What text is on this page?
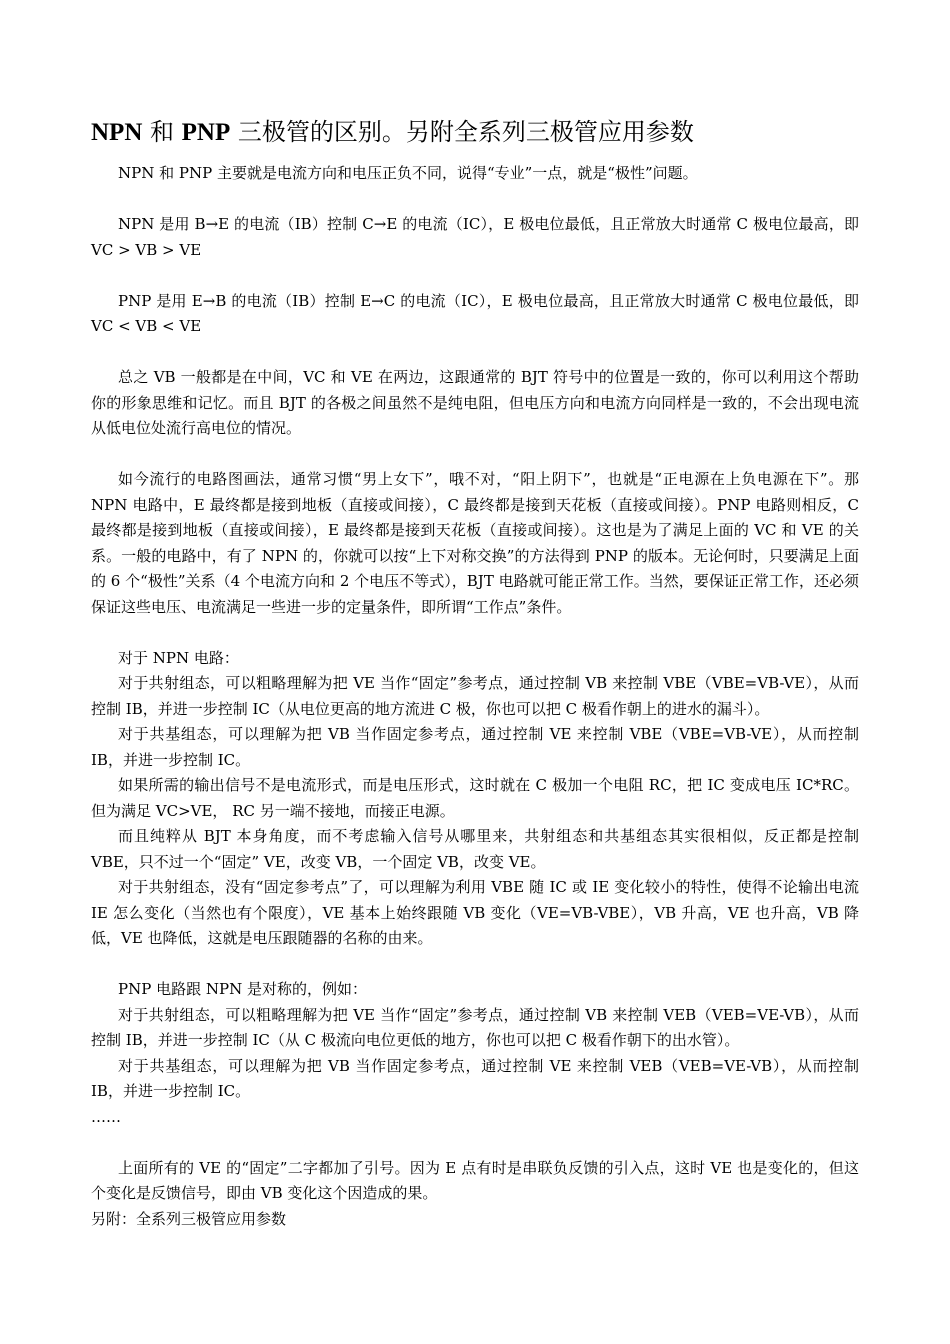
NPN 和 PNP 三极管的区别。另附全系列三极管应用参数

NPN 和 PNP 主要就是电流方向和电压正负不同，说得“专业”一点，就是“极性”问题。

NPN 是用 B→E 的电流（IB）控制 C→E 的电流（IC），E 极电位最低，且正常放大时通常 C 极电位最高，即 VC > VB > VE

PNP 是用 E→B 的电流（IB）控制 E→C 的电流（IC），E 极电位最高，且正常放大时通常 C 极电位最低，即 VC < VB < VE

总之 VB 一般都是在中间，VC 和 VE 在两边，这跟通常的 BJT 符号中的位置是一致的，你可以利用这个帮助你的形象思维和记忆。而且 BJT 的各极之间虽然不是纯电阻，但电压方向和电流方向同样是一致的，不会出现电流从低电位处流行高电位的情况。

如今流行的电路图画法，通常习惯“男上女下”，哦不对，“阳上阴下”，也就是“正电源在上负电源在下”。那 NPN 电路中，E 最终都是接到地板（直接或间接），C 最终都是接到天花板（直接或间接）。PNP 电路则相反，C 最终都是接到地板（直接或间接），E 最终都是接到天花板（直接或间接）。这也是为了满足上面的 VC 和 VE 的关系。一般的电路中，有了 NPN 的，你就可以按“上下对称交换”的方法得到 PNP 的版本。无论何时，只要满足上面的 6 个“极性”关系（4 个电流方向和 2 个电压不等式），BJT 电路就可能正常工作。当然，要保证正常工作，还必须保证这些电压、电流满足一些进一步的定量条件，即所谓“工作点”条件。

对于 NPN 电路：

对于共射组态，可以粗略理解为把 VE 当作“固定”参考点，通过控制 VB 来控制 VBE（VBE=VB-VE），从而控制 IB，并进一步控制 IC（从电位更高的地方流进 C 极，你也可以把 C 极看作朝上的进水的漏斗）。

对于共基组态，可以理解为把 VB 当作固定参考点，通过控制 VE 来控制 VBE（VBE=VB-VE），从而控制 IB，并进一步控制 IC。

如果所需的输出信号不是电流形式，而是电压形式，这时就在 C 极加一个电阻 RC，把 IC 变成电压 IC*RC。但为满足 VC>VE， RC 另一端不接地，而接正电源。

而且纯粹从 BJT 本身角度，而不考虑输入信号从哪里来，共射组态和共基组态其实很相似，反正都是控制 VBE，只不过一个“固定” VE，改变 VB，一个固定 VB，改变 VE。

对于共射组态，没有“固定参考点”了，可以理解为利用 VBE 随 IC 或 IE 变化较小的特性，使得不论输出电流 IE 怎么变化（当然也有个限度），VE 基本上始终跟随 VB 变化（VE=VB-VBE），VB 升高，VE 也升高，VB 降低，VE 也降低，这就是电压跟随器的名称的由来。

PNP 电路跟 NPN 是对称的，例如：

对于共射组态，可以粗略理解为把 VE 当作“固定”参考点，通过控制 VB 来控制 VEB（VEB=VE-VB），从而控制 IB，并进一步控制 IC（从 C 极流向电位更低的地方，你也可以把 C 极看作朝下的出水管）。

对于共基组态，可以理解为把 VB 当作固定参考点，通过控制 VE 来控制 VEB（VEB=VE-VB），从而控制 IB，并进一步控制 IC。

……

上面所有的 VE 的“固定”二字都加了引号。因为 E 点有时是串联负反馈的引入点，这时 VE 也是变化的，但这个变化是反馈信号，即由 VB 变化这个因造成的果。

另附：全系列三极管应用参数
